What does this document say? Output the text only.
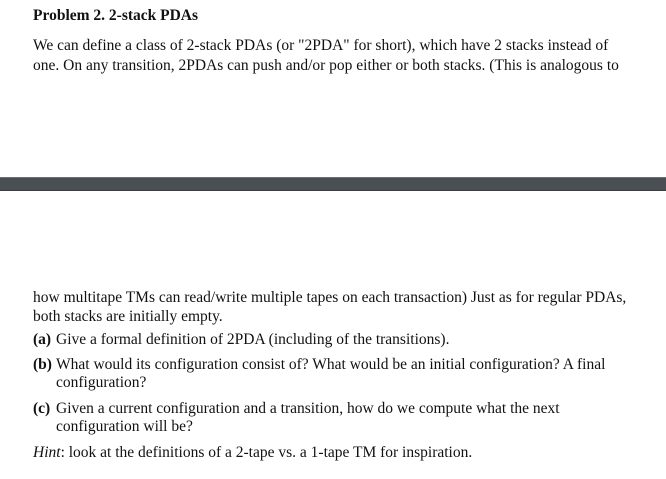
Problem 2. 2-stack PDAs
We can define a class of 2-stack PDAs (or "2PDA" for short), which have 2 stacks instead of
one. On any transition, 2PDAs can push and/or pop either or both stacks. (This is analogous to
how multitape TMs can read/write multiple tapes on each transaction) Just as for regular PDAs,
both stacks are initially empty.
(a) Give a formal definition of 2PDA (including of the transitions).
(b) What would its configuration consist of? What would be an initial configuration? A final
configuration?
(c) Given a current configuration and a transition, how do we compute what the next
configuration will be?
Hint: look at the definitions of a 2-tape vs. a 1-tape TM for inspiration.
